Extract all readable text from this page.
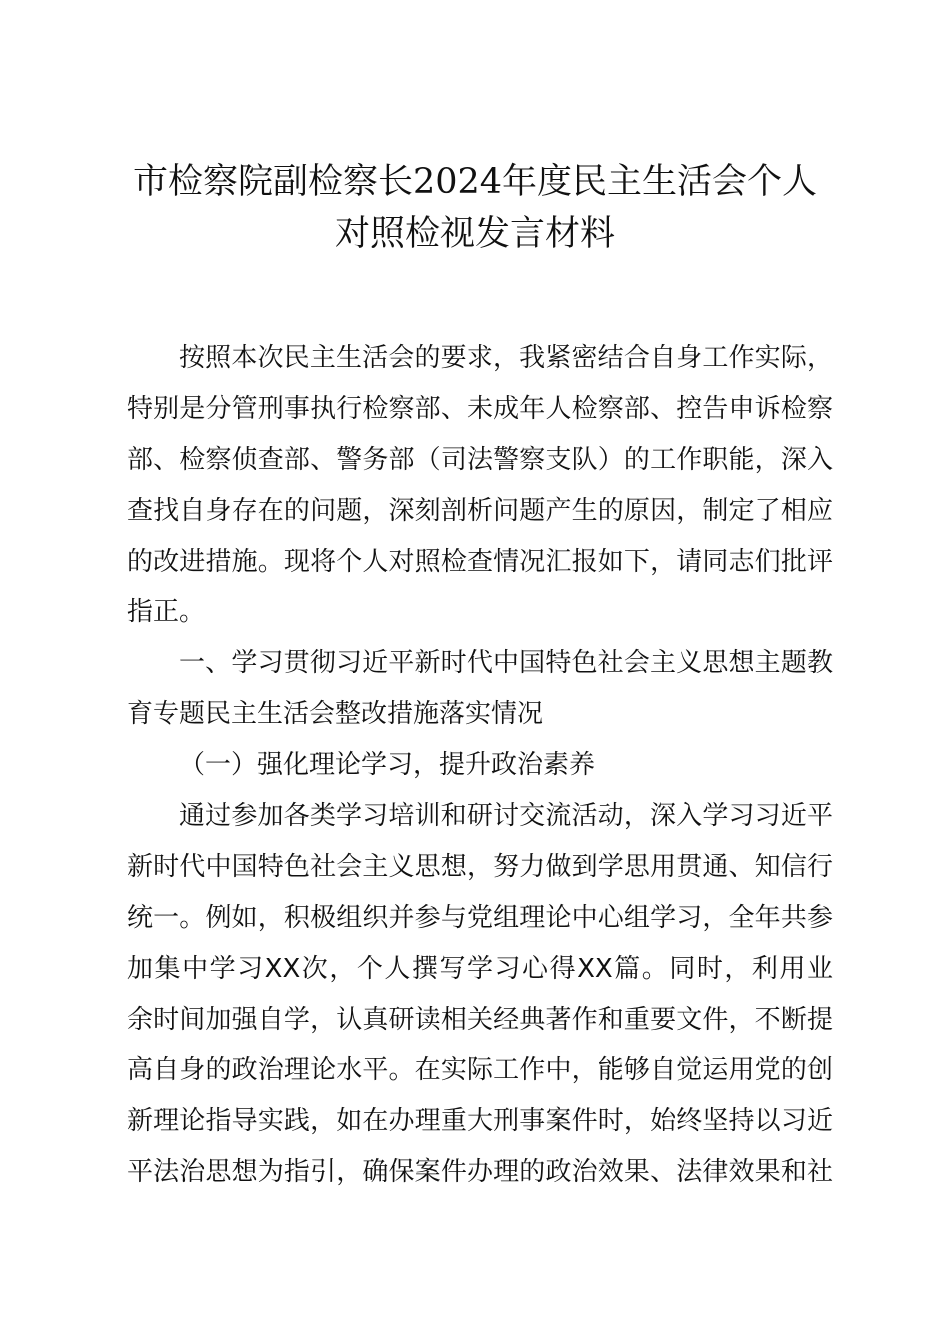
市检察院副检察长2024年度民主生活会个人
对照检视发言材料

按照本次民主生活会的要求，我紧密结合自身工作实际，
特别是分管刑事执行检察部、未成年人检察部、控告申诉检察
部、检察侦查部、警务部（司法警察支队）的工作职能，深入
查找自身存在的问题，深刻剖析问题产生的原因，制定了相应
的改进措施。现将个人对照检查情况汇报如下，请同志们批评
指正。

一、学习贯彻习近平新时代中国特色社会主义思想主题教
育专题民主生活会整改措施落实情况

（一）强化理论学习，提升政治素养

通过参加各类学习培训和研讨交流活动，深入学习习近平
新时代中国特色社会主义思想，努力做到学思用贯通、知信行
统一。例如，积极组织并参与党组理论中心组学习，全年共参
加集中学习XX次，个人撰写学习心得XX篇。同时，利用业
余时间加强自学，认真研读相关经典著作和重要文件，不断提
高自身的政治理论水平。在实际工作中，能够自觉运用党的创
新理论指导实践，如在办理重大刑事案件时，始终坚持以习近
平法治思想为指引，确保案件办理的政治效果、法律效果和社
